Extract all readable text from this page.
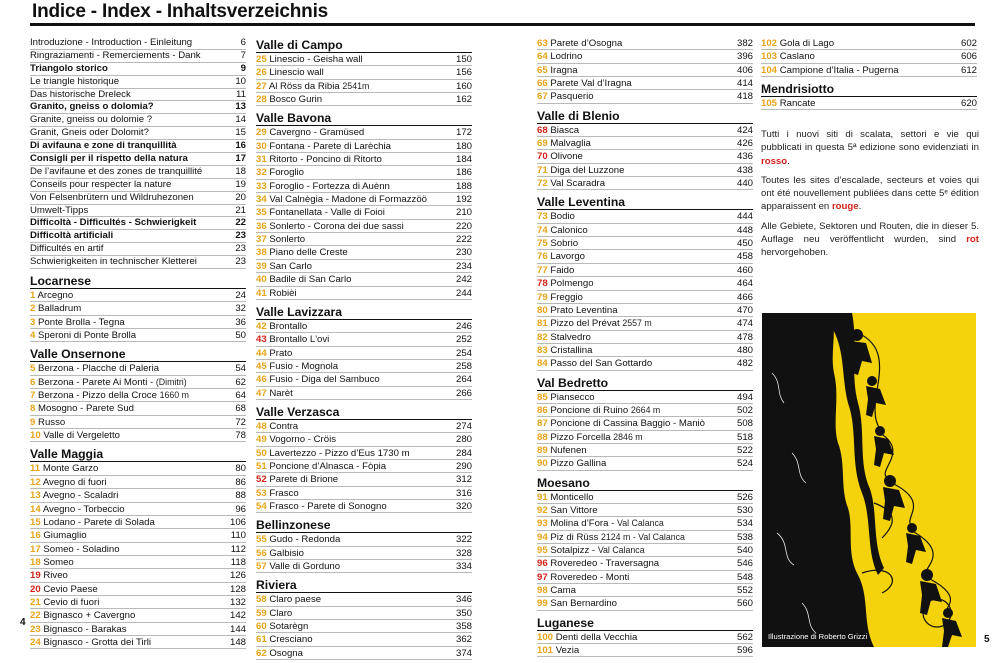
Indice - Index - Inhaltsverzeichnis
Introduzione - Introduction - Einleitung	6
Ringraziamenti - Remerciements - Dank	7
Triangolo storico	9
Le triangle historique	10
Das historische Dreleck	11
Granito, gneiss o dolomia?	13
Granite, gneiss ou dolomie ?	14
Granit, Gneis oder Dolomit?	15
Di avifauna e zone di tranquillità	16
Consigli per il rispetto della natura	17
De l’avifaune et des zones de tranquillité	18
Conseils pour respecter la nature	19
Von Felsenbrütern und Wildruhezonen	20
Umwelt-Tipps	21
Difficoltà - Difficultés - Schwierigkeit	22
Difficoltà artificiali	23
Difficultés en artif	23
Schwierigkeiten in technischer Kletterei	23
Locarnese
1 Arcegno	24
2 Balladrum	32
3 Ponte Brolla - Tegna	36
4 Speroni di Ponte Brolla	50
Valle Onsernone
5 Berzona - Placche di Paleria	54
6 Berzona - Parete Ai Monti - (Dimitri)	62
7 Berzona - Pizzo della Croce 1660 m	64
8 Mosogno - Parete Sud	68
9 Russo	72
10 Valle di Vergeletto	78
Valle Maggia
11 Monte Garzo	80
12 Avegno di fuori	86
13 Avegno - Scaladri	88
14 Avegno - Torbeccio	96
15 Lodano - Parete di Solada	106
16 Giumaglio	110
17 Someo - Soladino	112
18 Someo	118
19 Riveo	126
20 Cevio Paese	128
21 Cevio di fuori	132
22 Bignasco + Cavergno	142
23 Bignasco - Barakas	144
24 Bignasco - Grotta dei Tirli	148
Valle di Campo
25 Linescio - Geisha wall	150
26 Linescio wall	156
27 Al Röss da Ribia 2541m	160
28 Bosco Gurin	162
Valle Bavona
29 Cavergno - Gramüsed	172
30 Fontana - Parete di Larèchia	180
31 Ritorto - Poncino di Ritorto	184
32 Foroglio	186
33 Foroglio - Fortezza di Auènn	188
34 Val Calnègia - Madone di Formazzöö	192
35 Fontanellata - Valle di Foioi	210
36 Sonlerto - Corona dei due sassi	220
37 Sonlerto	222
38 Piano delle Creste	230
39 San Carlo	234
40 Badile di San Carlo	242
41 Robièi	244
Valle Lavizzara
42 Brontallo	246
43 Brontallo L'ovi	252
44 Prato	254
45 Fusio - Mognola	258
46 Fusio - Diga del Sambuco	264
47 Narèt	266
Valle Verzasca
48 Contra	274
49 Vogorno - Cröis	280
50 Lavertezzo - Pizzo d’Eus 1730 m	284
51 Poncione d’Alnasca - Fòpia	290
52 Parete di Brione	312
53 Frasco	316
54 Frasco - Parete di Sonogno	320
Bellinzonese
55 Gudo - Redonda	322
56 Galbisio	328
57 Valle di Gorduno	334
Riviera
58 Claro paese	346
59 Claro	350
60 Sotarègn	358
61 Cresciano	362
62 Osogna	374
63 Parete d’Osogna	382
64 Lodrino	396
65 Iragna	406
66 Parete Val d’Iragna	414
67 Pasquerio	418
Valle di Blenio
68 Biasca	424
69 Malvaglia	426
70 Olivone	436
71 Diga del Luzzone	438
72 Val Scaradra	440
Valle Leventina
73 Bodio	444
74 Calonico	448
75 Sobrio	450
76 Lavorgo	458
77 Faido	460
78 Polmengo	464
79 Freggio	466
80 Prato Leventina	470
81 Pizzo del Prévat 2557 m	474
82 Stalvedro	478
83 Cristallina	480
84 Passo del San Gottardo	482
Val Bedretto
85 Piansecco	494
86 Poncione di Ruino 2664 m	502
87 Poncione di Cassina Baggio - Maniò	508
88 Pizzo Forcella 2846 m	518
89 Nufenen	522
90 Pizzo Gallina	524
Moesano
91 Monticello	526
92 San Vittore	530
93 Molina d’Fora - Val Calanca	534
94 Piz di Rüss 2124 m - Val Calanca	538
95 Sotalpizz - Val Calanca	540
96 Roveredeo - Traversagna	546
97 Roveredeo - Monti	548
98 Cama	552
99 San Bernardino	560
Luganese
100 Denti della Vecchia	562
101 Vezia	596
102 Gola di Lago	602
103 Caslano	606
104 Campione d’Italia - Pugerna	612
Mendrisiotto
105 Rancate	620

Tutti i nuovi siti di scalata, settori e vie qui pubblicati in questa 5ª edizione sono evidenziati in rosso.

Toutes les sites d’escalade, secteurs et voies qui ont été nouvellement publiées dans cette 5ᵉ édition apparaissent en rouge.

Alle Gebiete, Sektoren und Routen, die in dieser 5. Auflage neu veröffentlicht wurden, sind rot hervorgehoben.

Illustrazione di Roberto Grizzi
4
5
